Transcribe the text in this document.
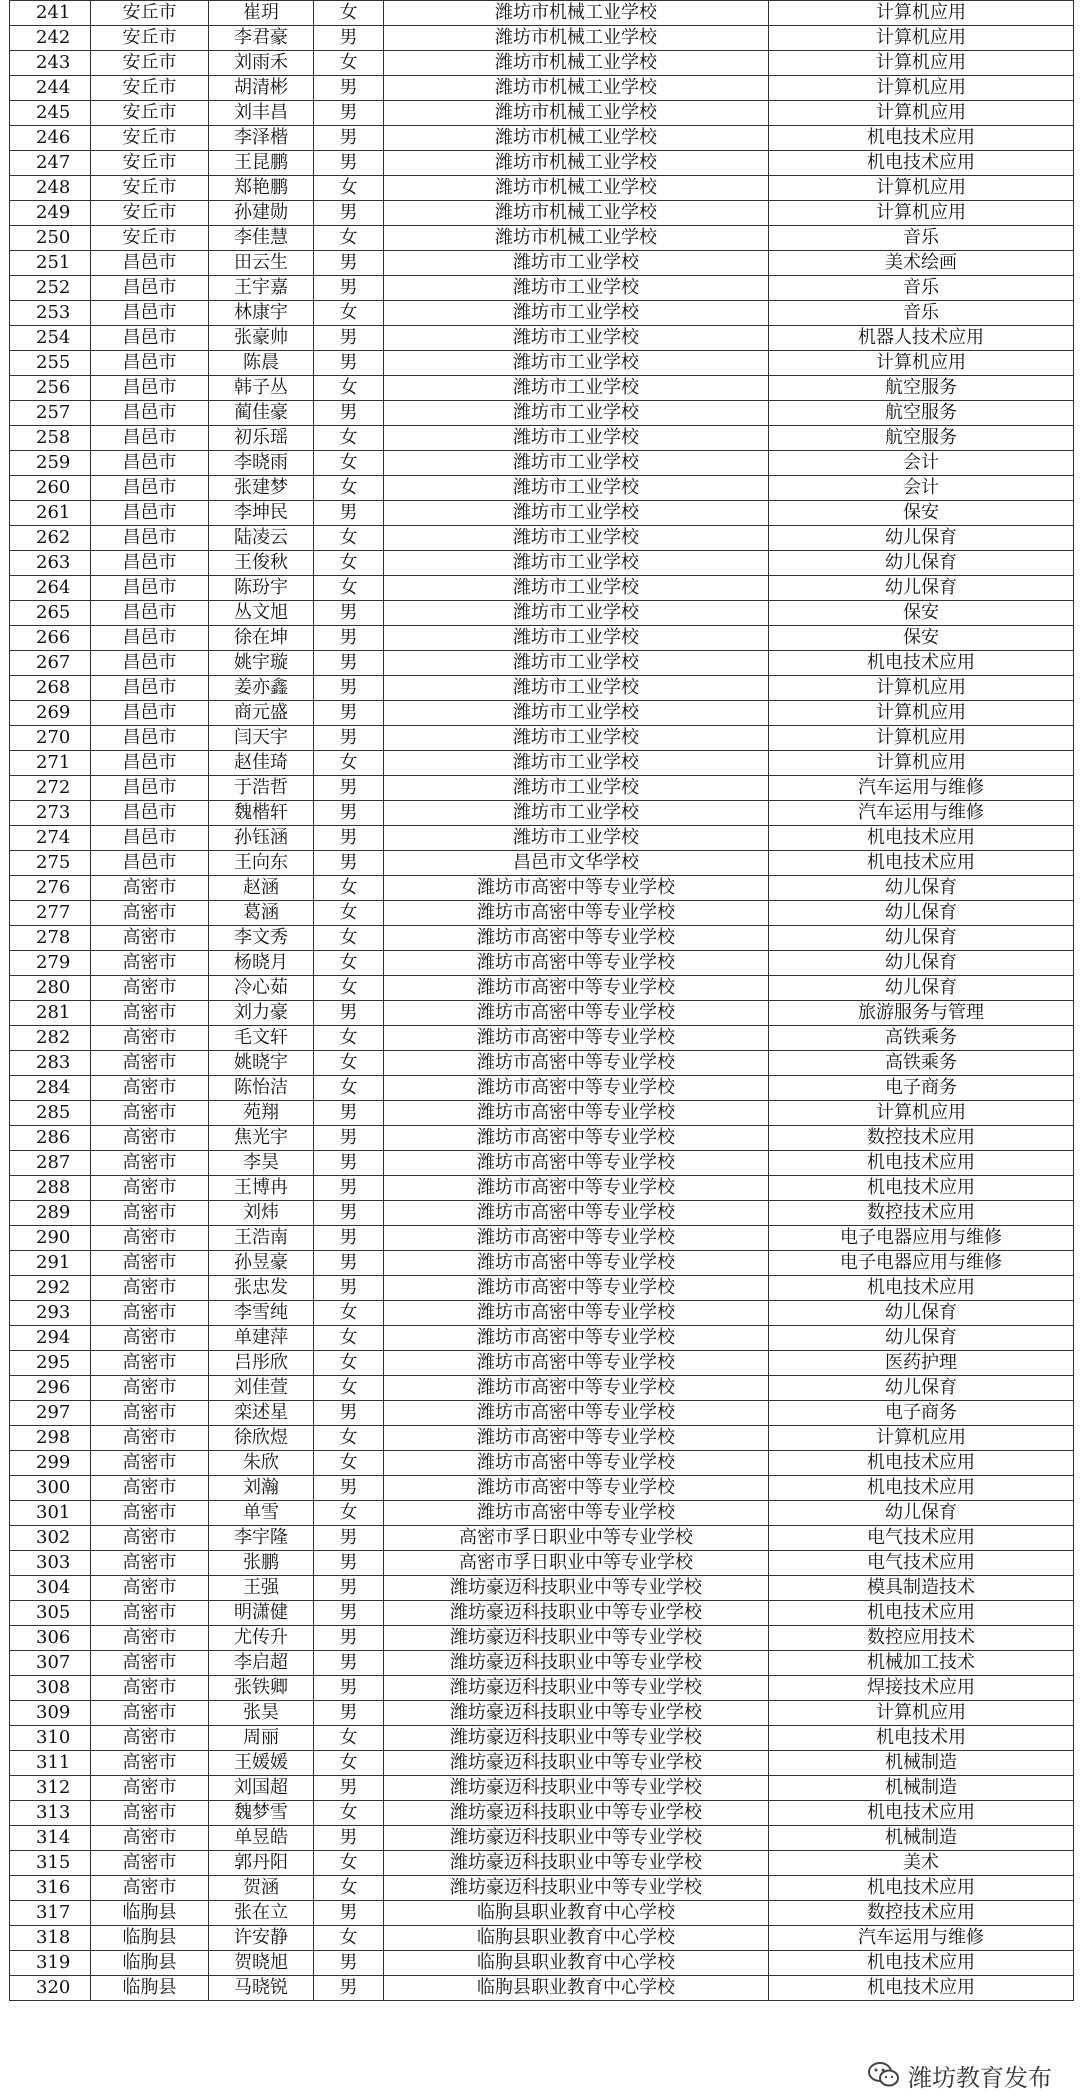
241	安丘市	崔玥	女	潍坊市机械工业学校	计算机应用
242	安丘市	李君豪	男	潍坊市机械工业学校	计算机应用
243	安丘市	刘雨禾	女	潍坊市机械工业学校	计算机应用
244	安丘市	胡清彬	男	潍坊市机械工业学校	计算机应用
245	安丘市	刘丰昌	男	潍坊市机械工业学校	计算机应用
246	安丘市	李泽楷	男	潍坊市机械工业学校	机电技术应用
247	安丘市	王昆鹏	男	潍坊市机械工业学校	机电技术应用
248	安丘市	郑艳鹏	女	潍坊市机械工业学校	计算机应用
249	安丘市	孙建勋	男	潍坊市机械工业学校	计算机应用
250	安丘市	李佳慧	女	潍坊市机械工业学校	音乐
251	昌邑市	田云生	男	潍坊市工业学校	美术绘画
252	昌邑市	王宇嘉	男	潍坊市工业学校	音乐
253	昌邑市	林康宇	女	潍坊市工业学校	音乐
254	昌邑市	张豪帅	男	潍坊市工业学校	机器人技术应用
255	昌邑市	陈晨	男	潍坊市工业学校	计算机应用
256	昌邑市	韩子丛	女	潍坊市工业学校	航空服务
257	昌邑市	蔺佳豪	男	潍坊市工业学校	航空服务
258	昌邑市	初乐瑶	女	潍坊市工业学校	航空服务
259	昌邑市	李晓雨	女	潍坊市工业学校	会计
260	昌邑市	张建梦	女	潍坊市工业学校	会计
261	昌邑市	李坤民	男	潍坊市工业学校	保安
262	昌邑市	陆凌云	女	潍坊市工业学校	幼儿保育
263	昌邑市	王俊秋	女	潍坊市工业学校	幼儿保育
264	昌邑市	陈玢宇	女	潍坊市工业学校	幼儿保育
265	昌邑市	丛文旭	男	潍坊市工业学校	保安
266	昌邑市	徐在坤	男	潍坊市工业学校	保安
267	昌邑市	姚宇璇	男	潍坊市工业学校	机电技术应用
268	昌邑市	姜亦鑫	男	潍坊市工业学校	计算机应用
269	昌邑市	商元盛	男	潍坊市工业学校	计算机应用
270	昌邑市	闫天宇	男	潍坊市工业学校	计算机应用
271	昌邑市	赵佳琦	女	潍坊市工业学校	计算机应用
272	昌邑市	于浩哲	男	潍坊市工业学校	汽车运用与维修
273	昌邑市	魏楷轩	男	潍坊市工业学校	汽车运用与维修
274	昌邑市	孙钰涵	男	潍坊市工业学校	机电技术应用
275	昌邑市	王向东	男	昌邑市文华学校	机电技术应用
276	高密市	赵涵	女	潍坊市高密中等专业学校	幼儿保育
277	高密市	葛涵	女	潍坊市高密中等专业学校	幼儿保育
278	高密市	李文秀	女	潍坊市高密中等专业学校	幼儿保育
279	高密市	杨晓月	女	潍坊市高密中等专业学校	幼儿保育
280	高密市	冷心茹	女	潍坊市高密中等专业学校	幼儿保育
281	高密市	刘力豪	男	潍坊市高密中等专业学校	旅游服务与管理
282	高密市	毛文轩	女	潍坊市高密中等专业学校	高铁乘务
283	高密市	姚晓宇	女	潍坊市高密中等专业学校	高铁乘务
284	高密市	陈怡洁	女	潍坊市高密中等专业学校	电子商务
285	高密市	苑翔	男	潍坊市高密中等专业学校	计算机应用
286	高密市	焦光宇	男	潍坊市高密中等专业学校	数控技术应用
287	高密市	李昊	男	潍坊市高密中等专业学校	机电技术应用
288	高密市	王博冉	男	潍坊市高密中等专业学校	机电技术应用
289	高密市	刘炜	男	潍坊市高密中等专业学校	数控技术应用
290	高密市	王浩南	男	潍坊市高密中等专业学校	电子电器应用与维修
291	高密市	孙昱豪	男	潍坊市高密中等专业学校	电子电器应用与维修
292	高密市	张忠发	男	潍坊市高密中等专业学校	机电技术应用
293	高密市	李雪纯	女	潍坊市高密中等专业学校	幼儿保育
294	高密市	单建萍	女	潍坊市高密中等专业学校	幼儿保育
295	高密市	吕彤欣	女	潍坊市高密中等专业学校	医药护理
296	高密市	刘佳萱	女	潍坊市高密中等专业学校	幼儿保育
297	高密市	栾述星	男	潍坊市高密中等专业学校	电子商务
298	高密市	徐欣煜	女	潍坊市高密中等专业学校	计算机应用
299	高密市	朱欣	女	潍坊市高密中等专业学校	机电技术应用
300	高密市	刘瀚	男	潍坊市高密中等专业学校	机电技术应用
301	高密市	单雪	女	潍坊市高密中等专业学校	幼儿保育
302	高密市	李宇隆	男	高密市孚日职业中等专业学校	电气技术应用
303	高密市	张鹏	男	高密市孚日职业中等专业学校	电气技术应用
304	高密市	王强	男	潍坊豪迈科技职业中等专业学校	模具制造技术
305	高密市	明潇健	男	潍坊豪迈科技职业中等专业学校	机电技术应用
306	高密市	尤传升	男	潍坊豪迈科技职业中等专业学校	数控应用技术
307	高密市	李启超	男	潍坊豪迈科技职业中等专业学校	机械加工技术
308	高密市	张铁卿	男	潍坊豪迈科技职业中等专业学校	焊接技术应用
309	高密市	张昊	男	潍坊豪迈科技职业中等专业学校	计算机应用
310	高密市	周丽	女	潍坊豪迈科技职业中等专业学校	机电技术用
311	高密市	王媛媛	女	潍坊豪迈科技职业中等专业学校	机械制造
312	高密市	刘国超	男	潍坊豪迈科技职业中等专业学校	机械制造
313	高密市	魏梦雪	女	潍坊豪迈科技职业中等专业学校	机电技术应用
314	高密市	单昱皓	男	潍坊豪迈科技职业中等专业学校	机械制造
315	高密市	郭丹阳	女	潍坊豪迈科技职业中等专业学校	美术
316	高密市	贺涵	女	潍坊豪迈科技职业中等专业学校	机电技术应用
317	临朐县	张在立	男	临朐县职业教育中心学校	数控技术应用
318	临朐县	许安静	女	临朐县职业教育中心学校	汽车运用与维修
319	临朐县	贺晓旭	男	临朐县职业教育中心学校	机电技术应用
320	临朐县	马晓锐	男	临朐县职业教育中心学校	机电技术应用
潍坊教育发布
